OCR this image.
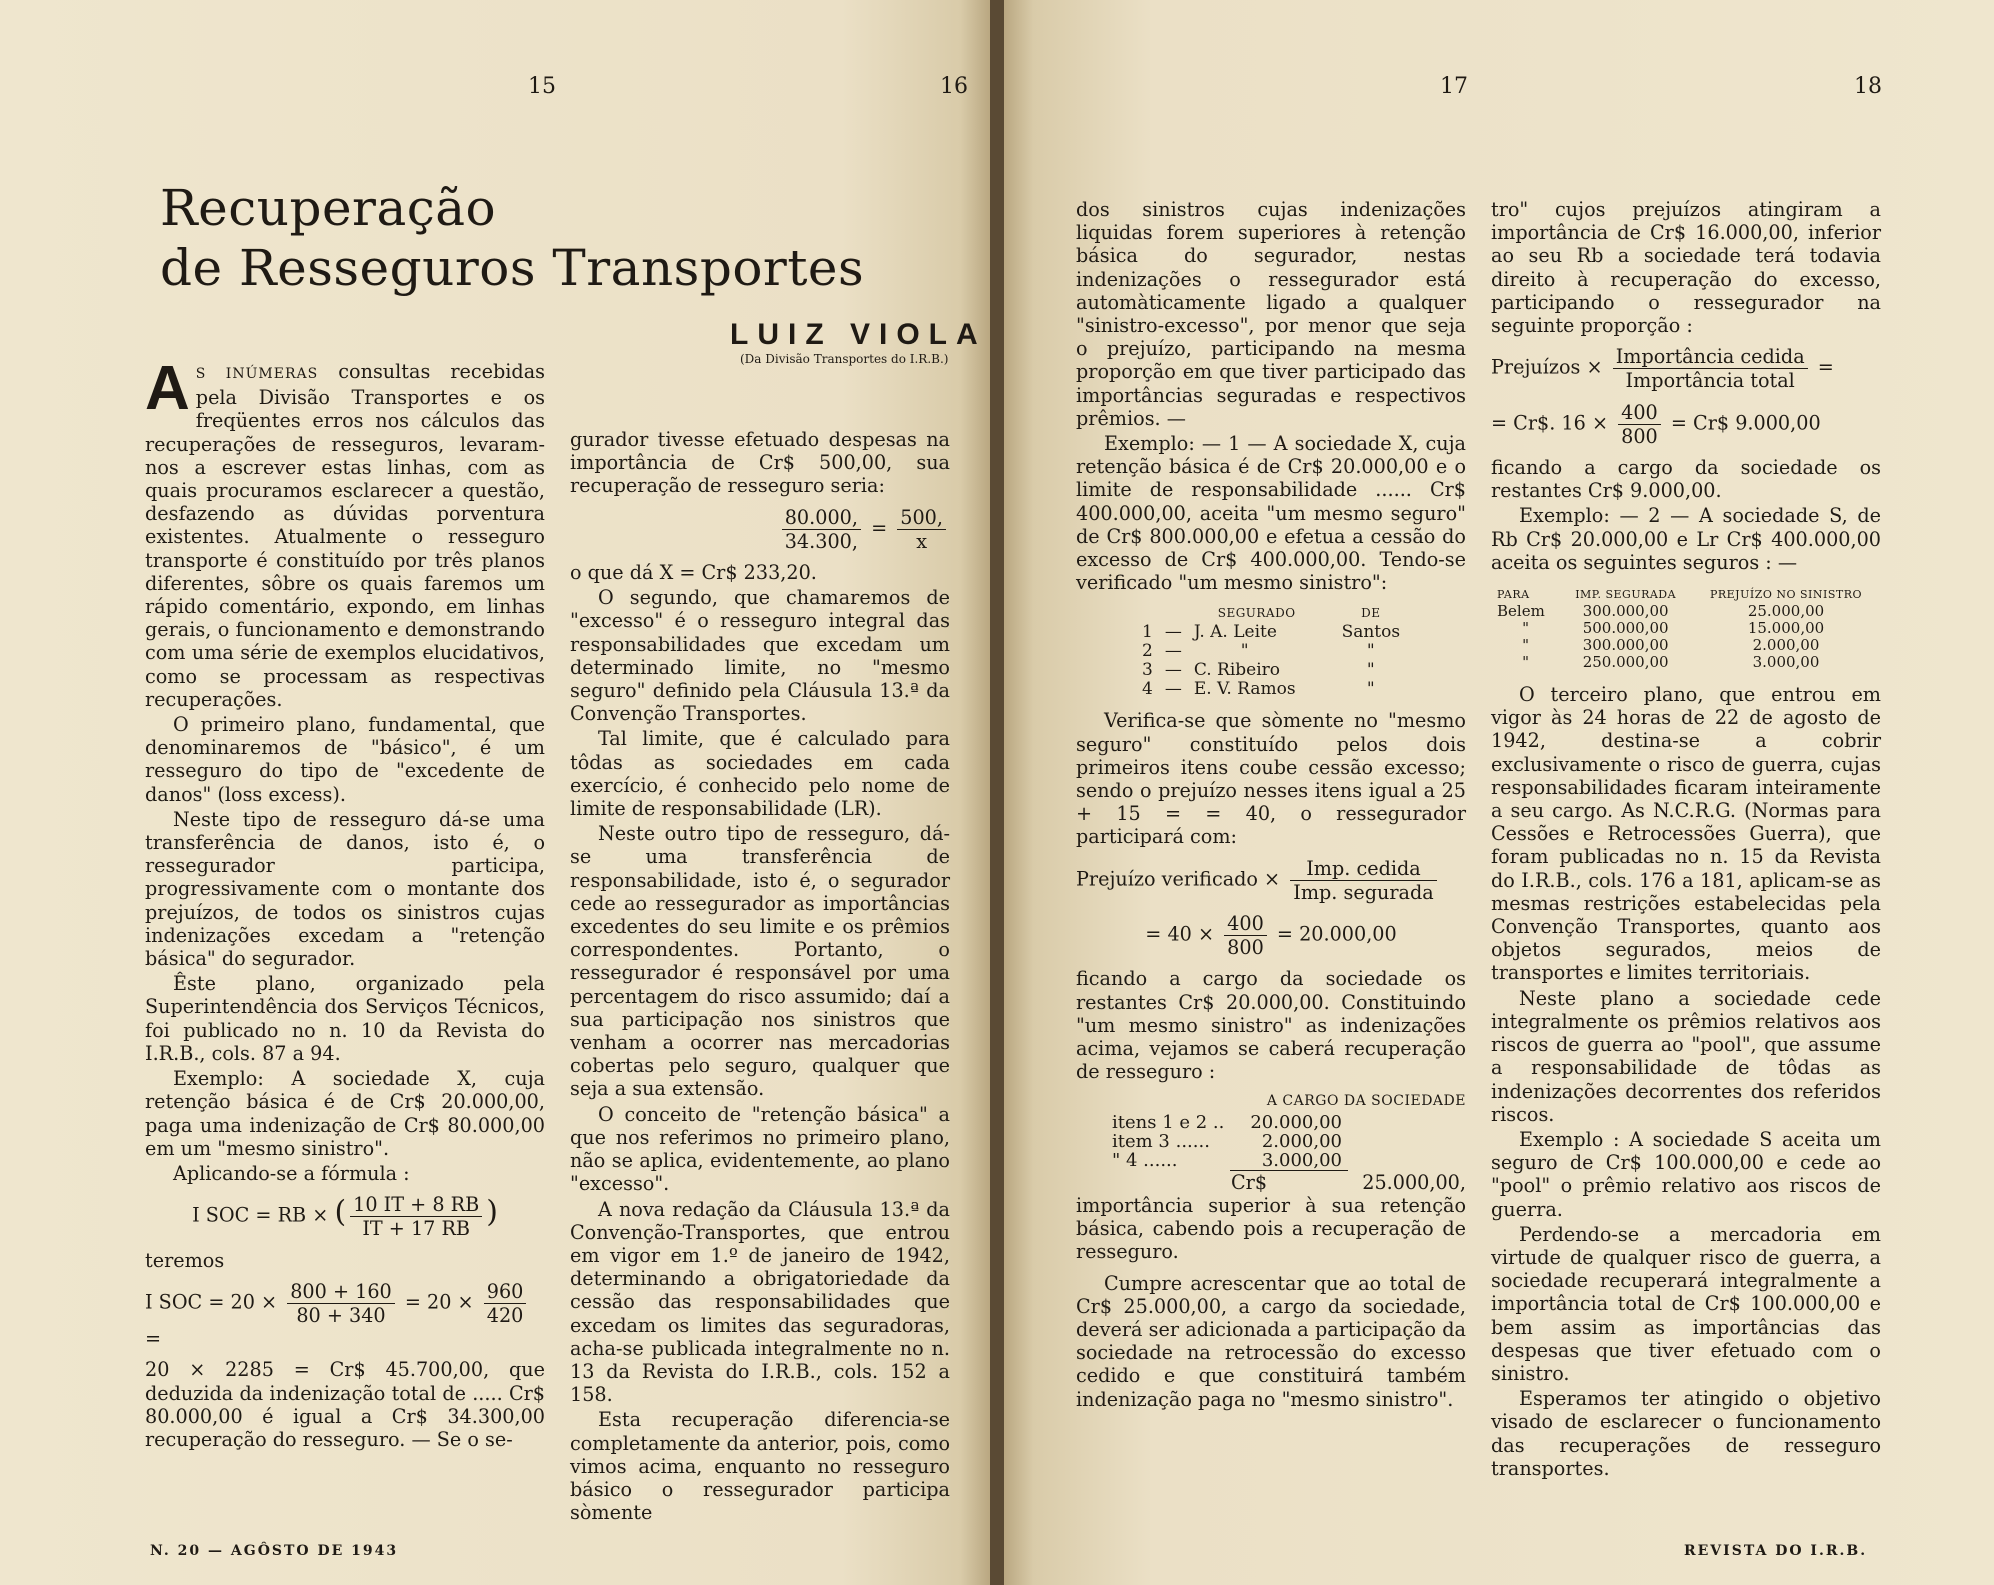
15	16
Recuperação
de Resseguros Transportes
LUIZ VIOLA
(Da Divisão Transportes do I.R.B.)

A S INÚMERAS consultas recebidas pela Divisão Transportes e os freqüentes erros nos cálculos das recuperações de resseguros, levaram-nos a escrever estas linhas, com as quais procuramos esclarecer a questão, desfazendo as dúvidas porventura existentes. Atualmente o resseguro transporte é constituído por três planos diferentes, sôbre os quais faremos um rápido comentário, expondo, em linhas gerais, o funcionamento e demonstrando com uma série de exemplos elucidativos, como se processam as respectivas recuperações.

O primeiro plano, fundamental, que denominaremos de "básico", é um resseguro do tipo de "excedente de danos" (loss excess).

Neste tipo de resseguro dá-se uma transferência de danos, isto é, o ressegurador participa, progressivamente com o montante dos prejuízos, de todos os sinistros cujas indenizações excedam a "retenção básica" do segurador.

Êste plano, organizado pela Superintendência dos Serviços Técnicos, foi publicado no n. 10 da Revista do I.R.B., cols. 87 a 94.

Exemplo: A sociedade X, cuja retenção básica é de Cr$ 20.000,00, paga uma indenização de Cr$ 80.000,00 em um "mesmo sinistro".

Aplicando-se a fórmula :

I SOC = RB × ( $\frac{10 IT + 8 RB}{IT + 17 RB}$ )

teremos

I SOC = $20 \times \frac{800 + 160}{80 + 340} = 20 \times \frac{960}{420}$
=

20 × 2285 = Cr$ 45.700,00, que deduzida da indenização total de ..... Cr$ 80.000,00 é igual a Cr$ 34.300,00 recuperação do resseguro. — Se o se-

gurador tivesse efetuado despesas na importância de Cr$ 500,00, sua recuperação de resseguro seria:

$\frac{80.000,}{34.300,} = \frac{500,}{x}$

o que dá X = Cr$ 233,20.

O segundo, que chamaremos de "excesso" é o resseguro integral das responsabilidades que excedam um determinado limite, no "mesmo seguro" definido pela Cláusula 13.ª da Convenção Transportes.

Tal limite, que é calculado para tôdas as sociedades em cada exercício, é conhecido pelo nome de limite de responsabilidade (LR).

Neste outro tipo de resseguro, dá-se uma transferência de responsabilidade, isto é, o segurador cede ao ressegurador as importâncias excedentes do seu limite e os prêmios correspondentes. Portanto, o ressegurador é responsável por uma percentagem do risco assumido; daí a sua participação nos sinistros que venham a ocorrer nas mercadorias cobertas pelo seguro, qualquer que seja a sua extensão.

O conceito de "retenção básica" a que nos referimos no primeiro plano, não se aplica, evidentemente, ao plano "excesso".

A nova redação da Cláusula 13.ª da Convenção-Transportes, que entrou em vigor em 1.º de janeiro de 1942, determinando a obrigatoriedade da cessão das responsabilidades que excedam os limites das seguradoras, acha-se publicada integralmente no n. 13 da Revista do I.R.B., cols. 152 a 158.

Esta recuperação diferencia-se completamente da anterior, pois, como vimos acima, enquanto no resseguro básico o ressegurador participa sòmente

N. 20 — AGÔSTO DE 1943
17	18

dos sinistros cujas indenizações liquidas forem superiores à retenção básica do segurador, nestas indenizações o ressegurador está automàticamente ligado a qualquer "sinistro-excesso", por menor que seja o prejuízo, participando na mesma proporção em que tiver participado das importâncias seguradas e respectivos prêmios. —

Exemplo: — 1 — A sociedade X, cuja retenção básica é de Cr$ 20.000,00 e o limite de responsabilidade ...... Cr$ 400.000,00, aceita "um mesmo seguro" de Cr$ 800.000,00 e efetua a cessão do excesso de Cr$ 400.000,00. Tendo-se verificado "um mesmo sinistro":

SEGURADO			DE
1	—	J. A. Leite	Santos
2	—	"	"
3	—	C. Ribeiro	"
4	—	E. V. Ramos	"

Verifica-se que sòmente no "mesmo seguro" constituído pelos dois primeiros itens coube cessão excesso; sendo o prejuízo nesses itens igual a 25 + 15 = = 40, o ressegurador participará com:

Prejuízo verificado × $\frac{\text{Imp. cedida}}{\text{Imp. segurada}}$

= $40 \times \frac{400}{800} = 20.000,00$

ficando a cargo da sociedade os restantes Cr$ 20.000,00. Constituindo "um mesmo sinistro" as indenizações acima, vejamos se caberá recuperação de resseguro :

A CARGO DA SOCIEDADE
itens 1 e 2 ..	20.000,00
item 3 ......	2.000,00
" 4 ......	3.000,00

Cr$ 25.000,00, importância superior à sua retenção básica, cabendo pois a recuperação de resseguro.

Cumpre acrescentar que ao total de Cr$ 25.000,00, a cargo da sociedade, deverá ser adicionada a participação da sociedade na retrocessão do excesso cedido e que constituirá também indenização paga no "mesmo sinistro".

tro" cujos prejuízos atingiram a importância de Cr$ 16.000,00, inferior ao seu Rb a sociedade terá todavia direito à recuperação do excesso, participando o ressegurador na seguinte proporção :

Prejuízos × $\frac{\text{Importância cedida}}{\text{Importância total}}$ =

= Cr$. $16 \times \frac{400}{800}$ = Cr$ 9.000,00

ficando a cargo da sociedade os restantes Cr$ 9.000,00.

Exemplo: — 2 — A sociedade S, de Rb Cr$ 20.000,00 e Lr Cr$ 400.000,00 aceita os seguintes seguros : —

PARA	IMP. SEGURADA	PREJUÍZO NO SINISTRO
Belem	300.000,00	25.000,00
"	500.000,00	15.000,00
"	300.000,00	2.000,00
"	250.000,00	3.000,00

O terceiro plano, que entrou em vigor às 24 horas de 22 de agosto de 1942, destina-se a cobrir exclusivamente o risco de guerra, cujas responsabilidades ficaram inteiramente a seu cargo. As N.C.R.G. (Normas para Cessões e Retrocessões Guerra), que foram publicadas no n. 15 da Revista do I.R.B., cols. 176 a 181, aplicam-se as mesmas restrições estabelecidas pela Convenção Transportes, quanto aos objetos segurados, meios de transportes e limites territoriais.

Neste plano a sociedade cede integralmente os prêmios relativos aos riscos de guerra ao "pool", que assume a responsabilidade de tôdas as indenizações decorrentes dos referidos riscos.

Exemplo : A sociedade S aceita um seguro de Cr$ 100.000,00 e cede ao "pool" o prêmio relativo aos riscos de guerra.

Perdendo-se a mercadoria em virtude de qualquer risco de guerra, a sociedade recuperará integralmente a importância total de Cr$ 100.000,00 e bem assim as importâncias das despesas que tiver efetuado com o sinistro.

Esperamos ter atingido o objetivo visado de esclarecer o funcionamento das recuperações de resseguro transportes.

REVISTA DO I.R.B.
